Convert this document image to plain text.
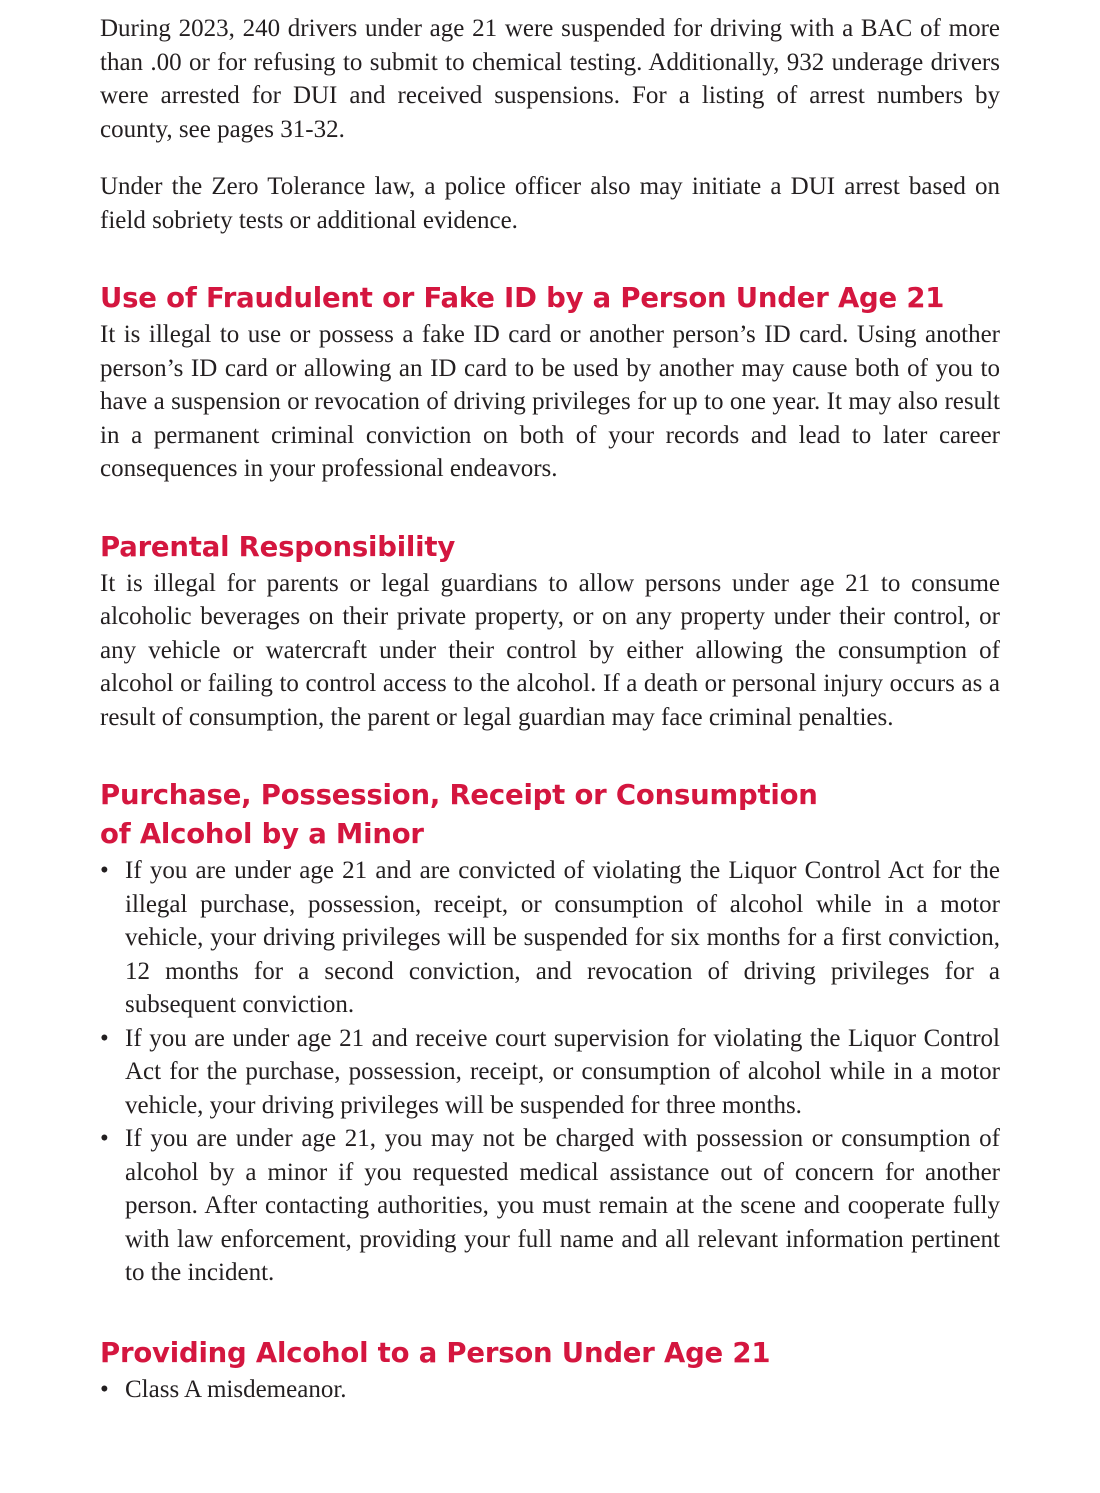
During 2023, 240 drivers under age 21 were suspended for driving with a BAC of more than .00 or for refusing to submit to chemical testing. Additionally, 932 underage drivers were arrested for DUI and received suspensions. For a listing of arrest numbers by county, see pages 31-32.

Under the Zero Tolerance law, a police officer also may initiate a DUI arrest based on field sobriety tests or additional evidence.

Use of Fraudulent or Fake ID by a Person Under Age 21

It is illegal to use or possess a fake ID card or another person’s ID card. Using another person’s ID card or allowing an ID card to be used by another may cause both of you to have a suspension or revocation of driving privileges for up to one year. It may also result in a permanent criminal conviction on both of your records and lead to later career consequences in your professional endeavors.

Parental Responsibility

It is illegal for parents or legal guardians to allow persons under age 21 to consume alcoholic beverages on their private property, or on any property under their control, or any vehicle or watercraft under their control by either allowing the consumption of alcohol or failing to control access to the alcohol. If a death or personal injury occurs as a result of consumption, the parent or legal guardian may face criminal penalties.

Purchase, Possession, Receipt or Consumption
of Alcohol by a Minor
• If you are under age 21 and are convicted of violating the Liquor Control Act for the illegal purchase, possession, receipt, or consumption of alcohol while in a motor vehicle, your driving privileges will be suspended for six months for a first conviction, 12 months for a second conviction, and revocation of driving privileges for a subsequent conviction.
• If you are under age 21 and receive court supervision for violating the Liquor Control Act for the purchase, possession, receipt, or consumption of alcohol while in a motor vehicle, your driving privileges will be suspended for three months.
• If you are under age 21, you may not be charged with possession or consumption of alcohol by a minor if you requested medical assistance out of concern for another person. After contacting authorities, you must remain at the scene and cooperate fully with law enforcement, providing your full name and all relevant information pertinent to the incident.
Providing Alcohol to a Person Under Age 21
• Class A misdemeanor.
